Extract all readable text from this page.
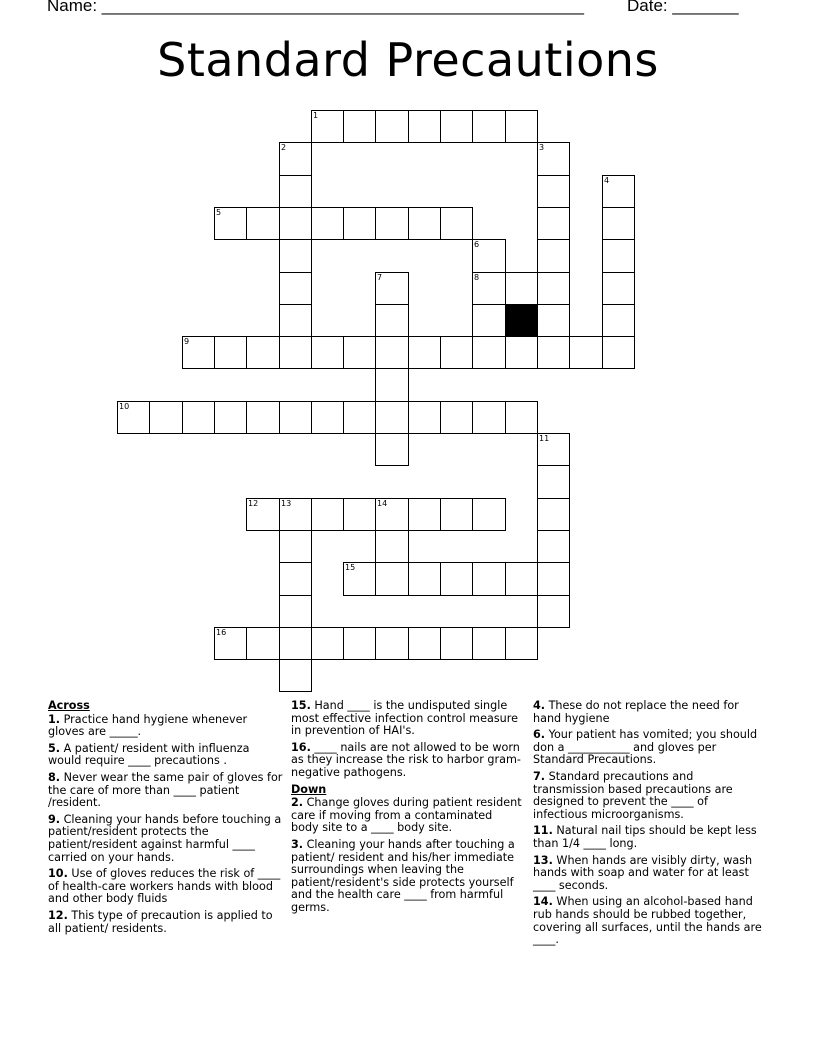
Name: ___________________________________________________	Date: _______
Standard Precautions
1
2	3
4
5
6
7	8
9
10
11
12	13	14
15
16
Across
1. Practice hand hygiene whenever gloves are _____.
5. A patient/ resident with influenza would require ____ precautions .
8. Never wear the same pair of gloves for the care of more than ____ patient /resident.
9. Cleaning your hands before touching a patient/resident protects the patient/resident against harmful ____ carried on your hands.
10. Use of gloves reduces the risk of ____ of health-care workers hands with blood and other body fluids
12. This type of precaution is applied to all patient/ residents.
15. Hand ____ is the undisputed single most effective infection control measure in prevention of HAI's.
16. ____ nails are not allowed to be worn as they increase the risk to harbor gram-negative pathogens.
Down
2. Change gloves during patient resident care if moving from a contaminated body site to a ____ body site.
3. Cleaning your hands after touching a patient/ resident and his/her immediate surroundings when leaving the patient/resident's side protects yourself and the health care ____ from harmful germs.
4. These do not replace the need for hand hygiene
6. Your patient has vomited; you should don a ___________ and gloves per Standard Precautions.
7. Standard precautions and transmission based precautions are designed to prevent the ____ of infectious microorganisms.
11. Natural nail tips should be kept less than 1/4 ____ long.
13. When hands are visibly dirty, wash hands with soap and water for at least ____ seconds.
14. When using an alcohol-based hand rub hands should be rubbed together, covering all surfaces, until the hands are ____.
